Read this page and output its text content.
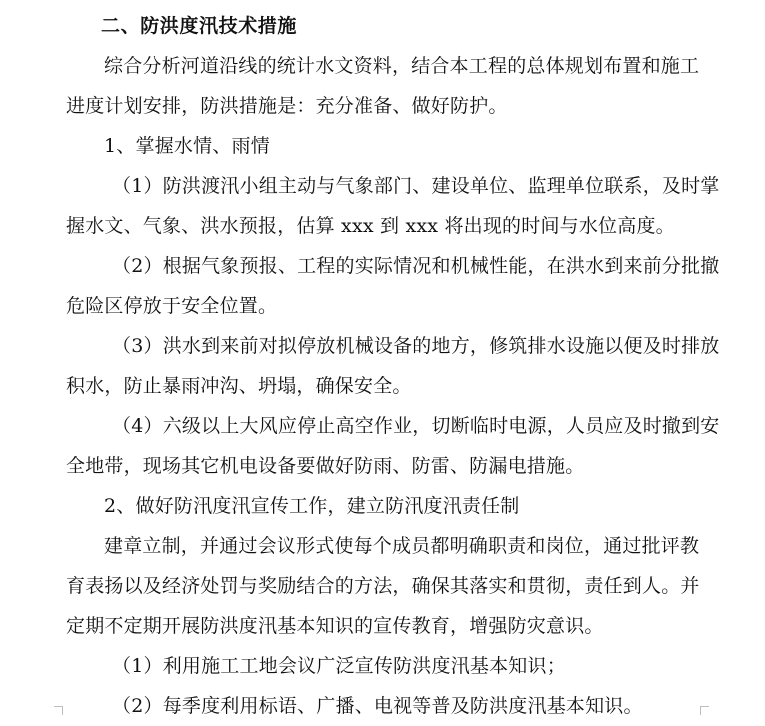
二、防洪度汛技术措施
综合分析河道沿线的统计水文资料，结合本工程的总体规划布置和施工
进度计划安排，防洪措施是：充分准备、做好防护。
1、掌握水情、雨情
（1）防洪渡汛小组主动与气象部门、建设单位、监理单位联系，及时掌
握水文、气象、洪水预报，估算 xxx 到 xxx 将出现的时间与水位高度。
（2）根据气象预报、工程的实际情况和机械性能，在洪水到来前分批撤
危险区停放于安全位置。
（3）洪水到来前对拟停放机械设备的地方，修筑排水设施以便及时排放
积水，防止暴雨冲沟、坍塌，确保安全。
（4）六级以上大风应停止高空作业，切断临时电源，人员应及时撤到安
全地带，现场其它机电设备要做好防雨、防雷、防漏电措施。
2、做好防汛度汛宣传工作，建立防汛度汛责任制
建章立制，并通过会议形式使每个成员都明确职责和岗位，通过批评教
育表扬以及经济处罚与奖励结合的方法，确保其落实和贯彻，责任到人。并
定期不定期开展防洪度汛基本知识的宣传教育，增强防灾意识。
（1）利用施工工地会议广泛宣传防洪度汛基本知识；
（2）每季度利用标语、广播、电视等普及防洪度汛基本知识。
